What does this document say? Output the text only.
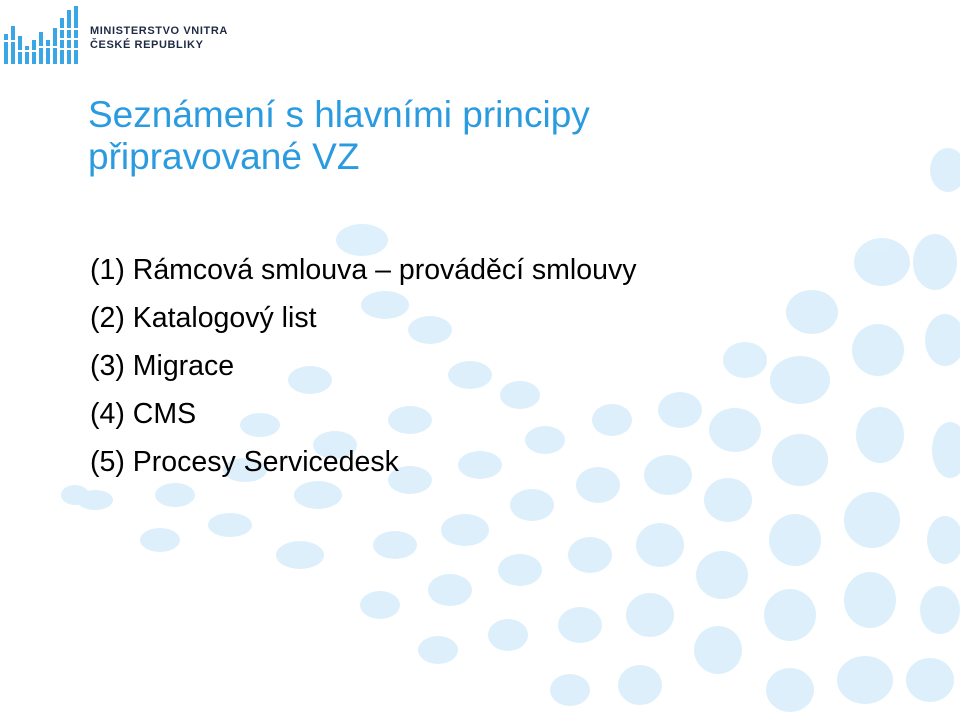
MINISTERSTVO VNITRA
ČESKÉ REPUBLIKY
Seznámení s hlavními principy
připravované VZ
(1) Rámcová smlouva – prováděcí smlouvy
(2) Katalogový list
(3) Migrace
(4) CMS
(5) Procesy Servicedesk
